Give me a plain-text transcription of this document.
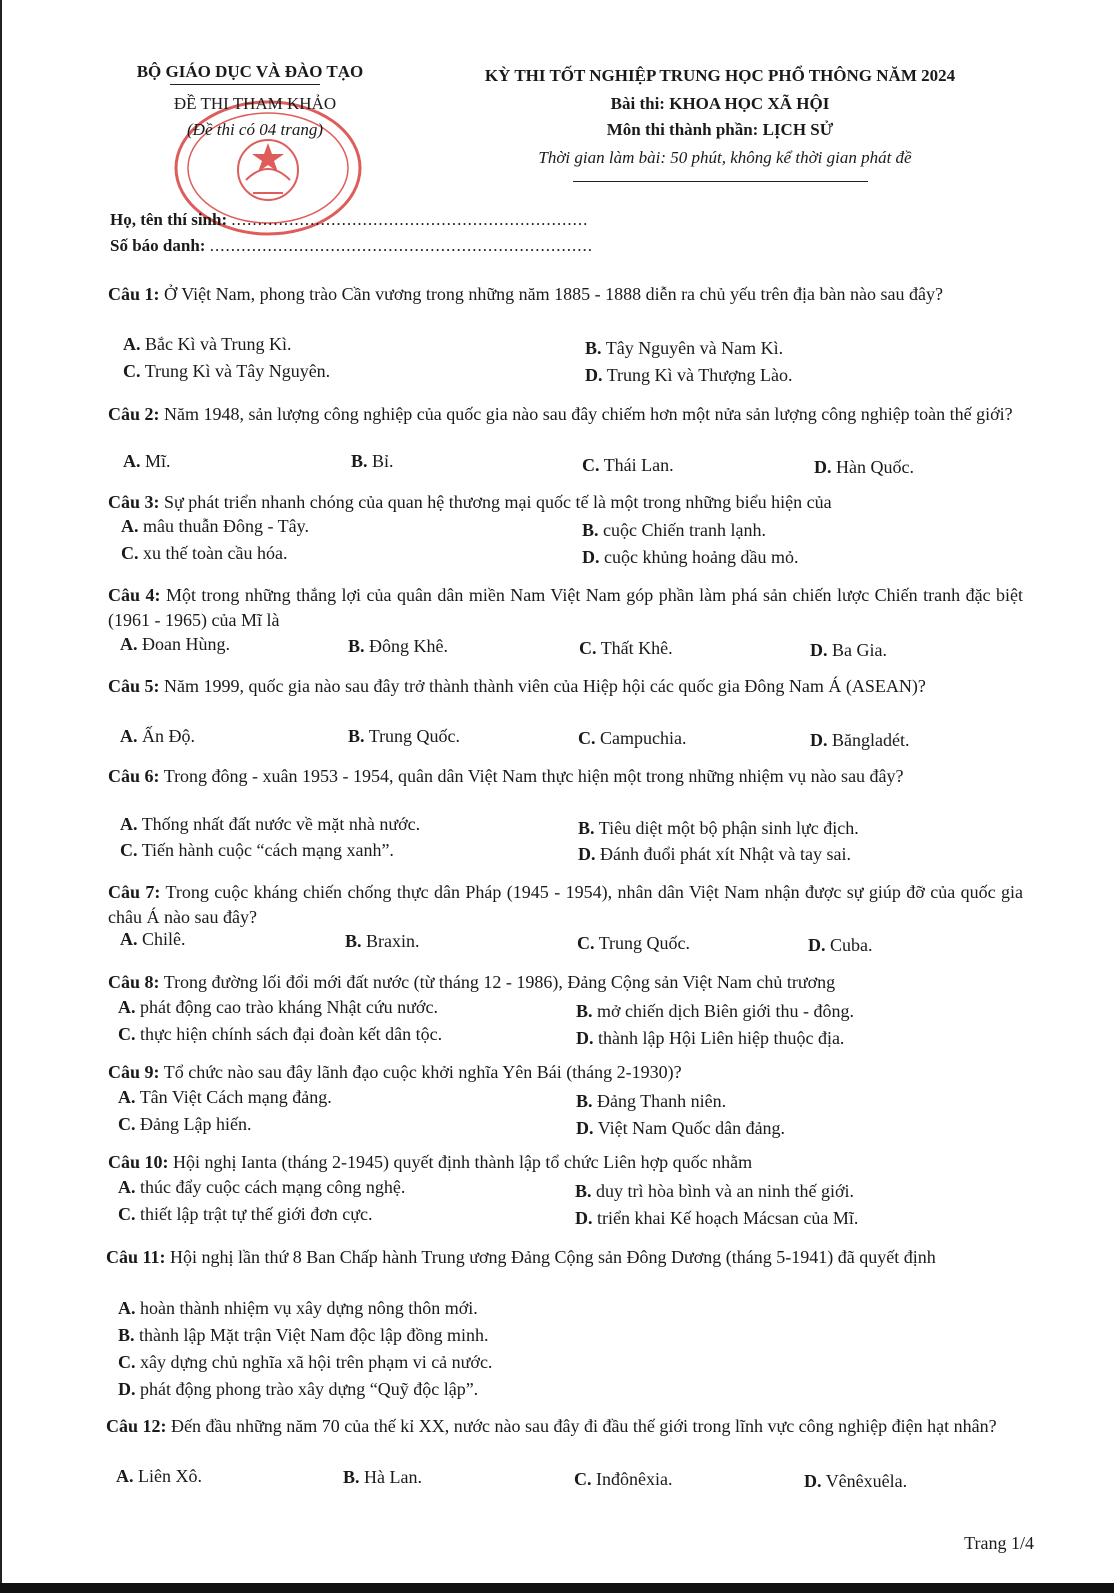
BỘ GIÁO DỤC VÀ ĐÀO TẠO	KỲ THI TỐT NGHIỆP TRUNG HỌC PHỔ THÔNG NĂM 2024
ĐỀ THI THAM KHẢO	Bài thi: KHOA HỌC XÃ HỘI
(Đề thi có 04 trang)	Môn thi thành phần: LỊCH SỬ
Thời gian làm bài: 50 phút, không kể thời gian phát đề
Họ, tên thí sinh: ....................................................................
Số báo danh: .........................................................................
Câu 1: Ở Việt Nam, phong trào Cần vương trong những năm 1885 - 1888 diễn ra chủ yếu trên địa bàn nào sau đây?
A. Bắc Kì và Trung Kì.	B. Tây Nguyên và Nam Kì.
C. Trung Kì và Tây Nguyên.	D. Trung Kì và Thượng Lào.
Câu 2: Năm 1948, sản lượng công nghiệp của quốc gia nào sau đây chiếm hơn một nửa sản lượng công nghiệp toàn thế giới?
A. Mĩ.	B. Bỉ.	C. Thái Lan.	D. Hàn Quốc.
Câu 3: Sự phát triển nhanh chóng của quan hệ thương mại quốc tế là một trong những biểu hiện của
A. mâu thuẫn Đông - Tây.	B. cuộc Chiến tranh lạnh.
C. xu thế toàn cầu hóa.	D. cuộc khủng hoảng dầu mỏ.
Câu 4: Một trong những thắng lợi của quân dân miền Nam Việt Nam góp phần làm phá sản chiến lược Chiến tranh đặc biệt (1961 - 1965) của Mĩ là
A. Đoan Hùng.	B. Đông Khê.	C. Thất Khê.	D. Ba Gia.
Câu 5: Năm 1999, quốc gia nào sau đây trở thành thành viên của Hiệp hội các quốc gia Đông Nam Á (ASEAN)?
A. Ấn Độ.	B. Trung Quốc.	C. Campuchia.	D. Băngladét.
Câu 6: Trong đông - xuân 1953 - 1954, quân dân Việt Nam thực hiện một trong những nhiệm vụ nào sau đây?
A. Thống nhất đất nước về mặt nhà nước.	B. Tiêu diệt một bộ phận sinh lực địch.
C. Tiến hành cuộc “cách mạng xanh”.	D. Đánh đuổi phát xít Nhật và tay sai.
Câu 7: Trong cuộc kháng chiến chống thực dân Pháp (1945 - 1954), nhân dân Việt Nam nhận được sự giúp đỡ của quốc gia châu Á nào sau đây?
A. Chilê.	B. Braxin.	C. Trung Quốc.	D. Cuba.
Câu 8: Trong đường lối đổi mới đất nước (từ tháng 12 - 1986), Đảng Cộng sản Việt Nam chủ trương
A. phát động cao trào kháng Nhật cứu nước.	B. mở chiến dịch Biên giới thu - đông.
C. thực hiện chính sách đại đoàn kết dân tộc.	D. thành lập Hội Liên hiệp thuộc địa.
Câu 9: Tổ chức nào sau đây lãnh đạo cuộc khởi nghĩa Yên Bái (tháng 2-1930)?
A. Tân Việt Cách mạng đảng.	B. Đảng Thanh niên.
C. Đảng Lập hiến.	D. Việt Nam Quốc dân đảng.
Câu 10: Hội nghị Ianta (tháng 2-1945) quyết định thành lập tổ chức Liên hợp quốc nhằm
A. thúc đẩy cuộc cách mạng công nghệ.	B. duy trì hòa bình và an ninh thế giới.
C. thiết lập trật tự thế giới đơn cực.	D. triển khai Kế hoạch Mácsan của Mĩ.
Câu 11: Hội nghị lần thứ 8 Ban Chấp hành Trung ương Đảng Cộng sản Đông Dương (tháng 5-1941) đã quyết định
A. hoàn thành nhiệm vụ xây dựng nông thôn mới.
B. thành lập Mặt trận Việt Nam độc lập đồng minh.
C. xây dựng chủ nghĩa xã hội trên phạm vi cả nước.
D. phát động phong trào xây dựng “Quỹ độc lập”.
Câu 12: Đến đầu những năm 70 của thế kỉ XX, nước nào sau đây đi đầu thế giới trong lĩnh vực công nghiệp điện hạt nhân?
A. Liên Xô.	B. Hà Lan.	C. Inđônêxia.	D. Vênêxuêla.
Trang 1/4
